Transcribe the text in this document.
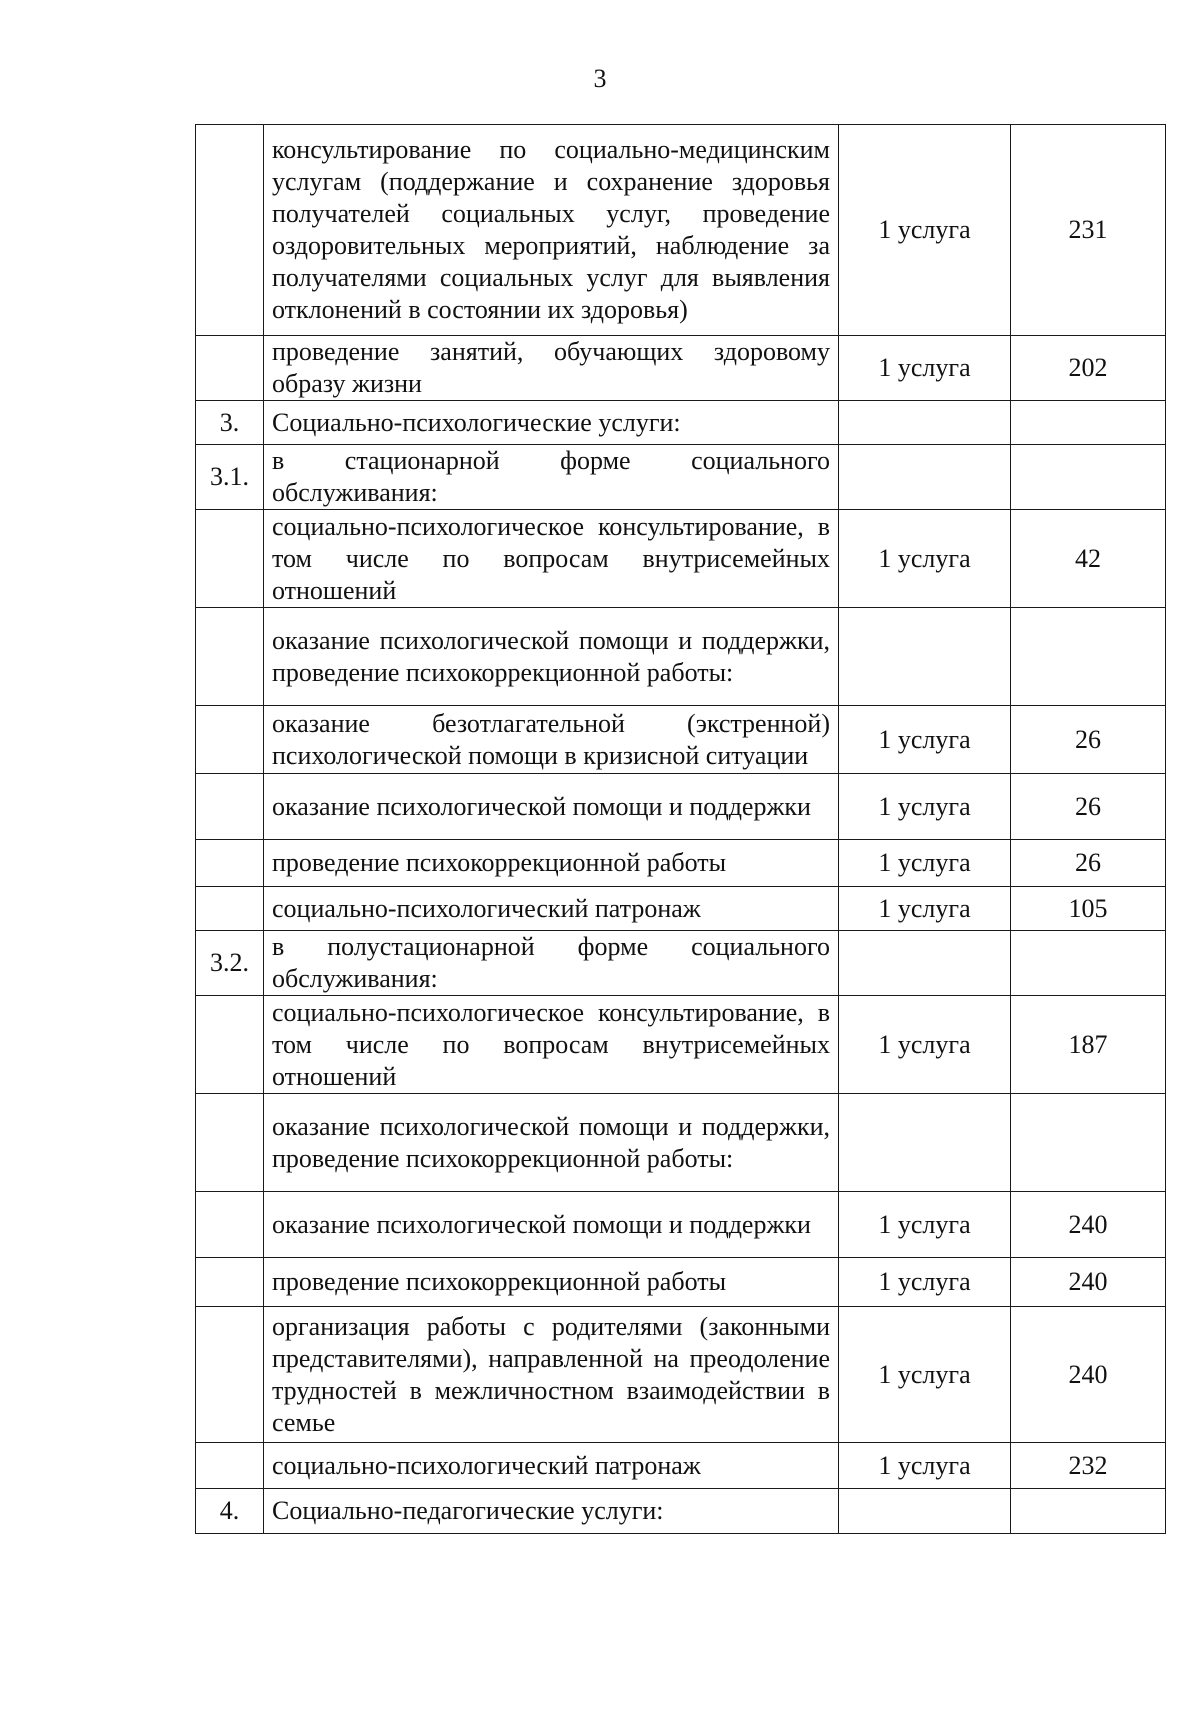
3
	консультирование по социально-медицинским услугам (поддержание и сохранение здоровья получателей социальных услуг, проведение оздоровительных мероприятий, наблюдение за получателями социальных услуг для выявления отклонений в состоянии их здоровья)	1 услуга	231
	проведение занятий, обучающих здоровому образу жизни	1 услуга	202
3.	Социально-психологические услуги:		
3.1.	в стационарной форме социального обслуживания:		
	социально-психологическое консультирование, в том числе по вопросам внутрисемейных отношений	1 услуга	42
	оказание психологической помощи и поддержки, проведение психокоррекционной работы:		
	оказание безотлагательной (экстренной) психологической помощи в кризисной ситуации	1 услуга	26
	оказание психологической помощи и поддержки	1 услуга	26
	проведение психокоррекционной работы	1 услуга	26
	социально-психологический патронаж	1 услуга	105
3.2.	в полустационарной форме социального обслуживания:		
	социально-психологическое консультирование, в том числе по вопросам внутрисемейных отношений	1 услуга	187
	оказание психологической помощи и поддержки, проведение психокоррекционной работы:		
	оказание психологической помощи и поддержки	1 услуга	240
	проведение психокоррекционной работы	1 услуга	240
	организация работы с родителями (законными представителями), направленной на преодоление трудностей в межличностном взаимодействии в семье	1 услуга	240
	социально-психологический патронаж	1 услуга	232
4.	Социально-педагогические услуги:		
